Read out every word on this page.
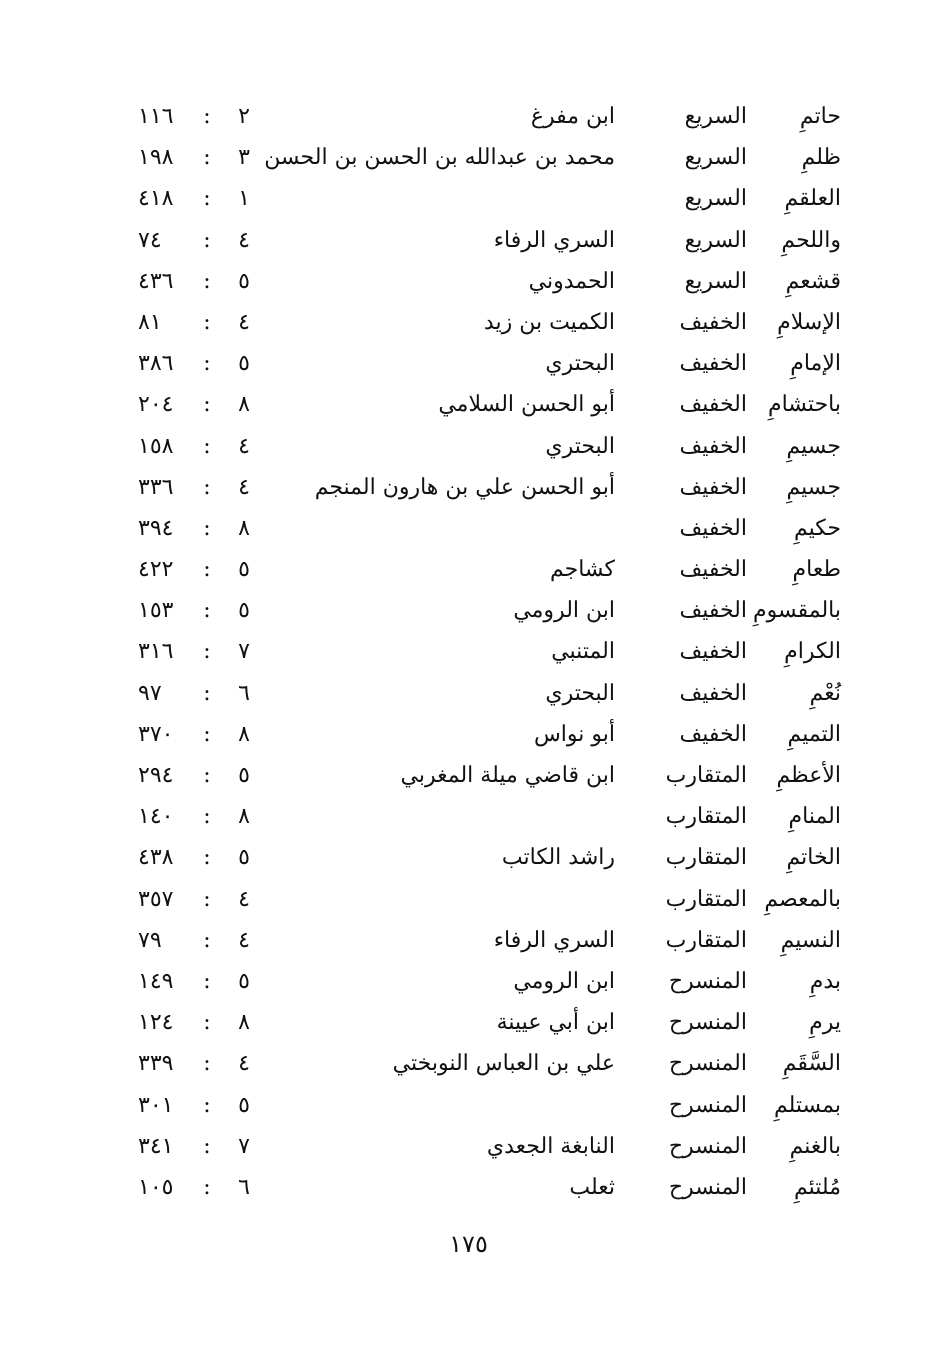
حاتمِ
السريع
ابن مفرغ
١١٦ : ٢
ظلمِ
السريع
محمد بن عبدالله بن الحسن بن الحسن
١٩٨ : ٣
العلقمِ
السريع
٤١٨ : ١
واللحمِ
السريع
السري الرفاء
٧٤ : ٤
قشعمِ
السريع
الحمدوني
٤٣٦ : ٥
الإسلامِ
الخفيف
الكميت بن زيد
٨١ : ٤
الإمامِ
الخفيف
البحتري
٣٨٦ : ٥
باحتشامِ
الخفيف
أبو الحسن السلامي
٢٠٤ : ٨
جسيمِ
الخفيف
البحتري
١٥٨ : ٤
جسيمِ
الخفيف
أبو الحسن علي بن هارون المنجم
٣٣٦ : ٤
حكيمِ
الخفيف
٣٩٤ : ٨
طعامِ
الخفيف
كشاجم
٤٢٢ : ٥
بالمقسومِ
الخفيف
ابن الرومي
١٥٣ : ٥
الكرامِ
الخفيف
المتنبي
٣١٦ : ٧
نُعْمِ
الخفيف
البحتري
٩٧ : ٦
التميمِ
الخفيف
أبو نواس
٣٧٠ : ٨
الأعظمِ
المتقارب
ابن قاضي ميلة المغربي
٢٩٤ : ٥
المنامِ
المتقارب
١٤٠ : ٨
الخاتمِ
المتقارب
راشد الكاتب
٤٣٨ : ٥
بالمعصمِ
المتقارب
٣٥٧ : ٤
النسيمِ
المتقارب
السري الرفاء
٧٩ : ٤
بدمِ
المنسرح
ابن الرومي
١٤٩ : ٥
يرمِ
المنسرح
ابن أبي عيينة
١٢٤ : ٨
السَّقَمِ
المنسرح
علي بن العباس النوبختي
٣٣٩ : ٤
بمستلمِ
المنسرح
٣٠١ : ٥
بالغنمِ
المنسرح
النابغة الجعدي
٣٤١ : ٧
مُلتئمِ
المنسرح
ثعلب
١٠٥ : ٦
١٧٥
